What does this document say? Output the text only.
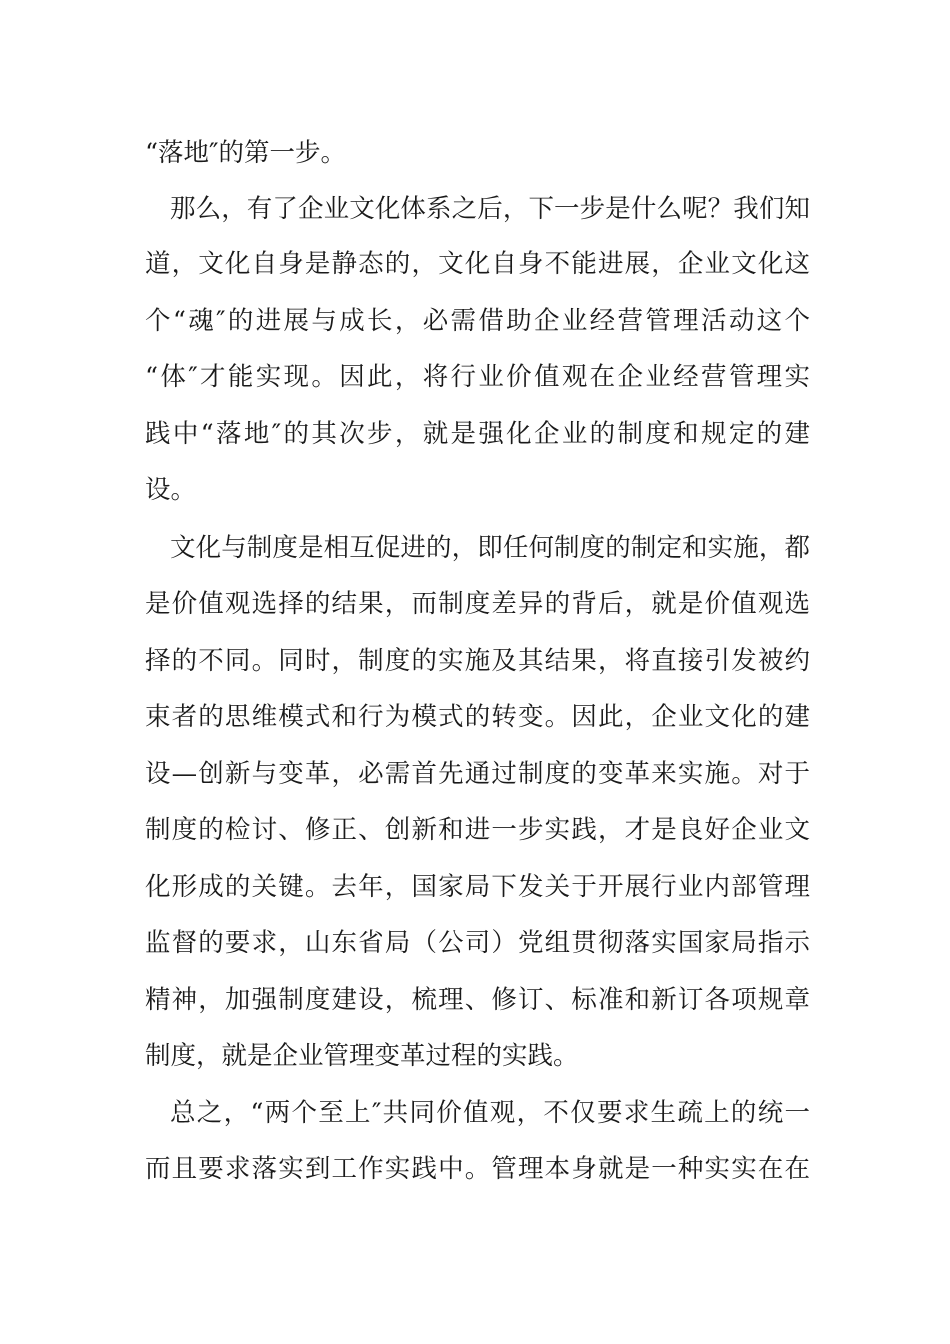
“落地″的第一步。
那么，有了企业文化体系之后，下一步是什么呢？我们知
道，文化自身是静态的，文化自身不能进展，企业文化这
个“魂″的进展与成长，必需借助企业经营管理活动这个
“体″才能实现。因此，将行业价值观在企业经营管理实
践中“落地″的其次步，就是强化企业的制度和规定的建
设。
文化与制度是相互促进的，即任何制度的制定和实施，都
是价值观选择的结果，而制度差异的背后，就是价值观选
择的不同。同时，制度的实施及其结果，将直接引发被约
束者的思维模式和行为模式的转变。因此，企业文化的建
设—创新与变革，必需首先通过制度的变革来实施。对于
制度的检讨、修正、创新和进一步实践，才是良好企业文
化形成的关键。去年，国家局下发关于开展行业内部管理
监督的要求，山东省局（公司）党组贯彻落实国家局指示
精神，加强制度建设，梳理、修订、标准和新订各项规章
制度，就是企业管理变革过程的实践。
总之，“两个至上″共同价值观，不仅要求生疏上的统一
而且要求落实到工作实践中。管理本身就是一种实实在在
